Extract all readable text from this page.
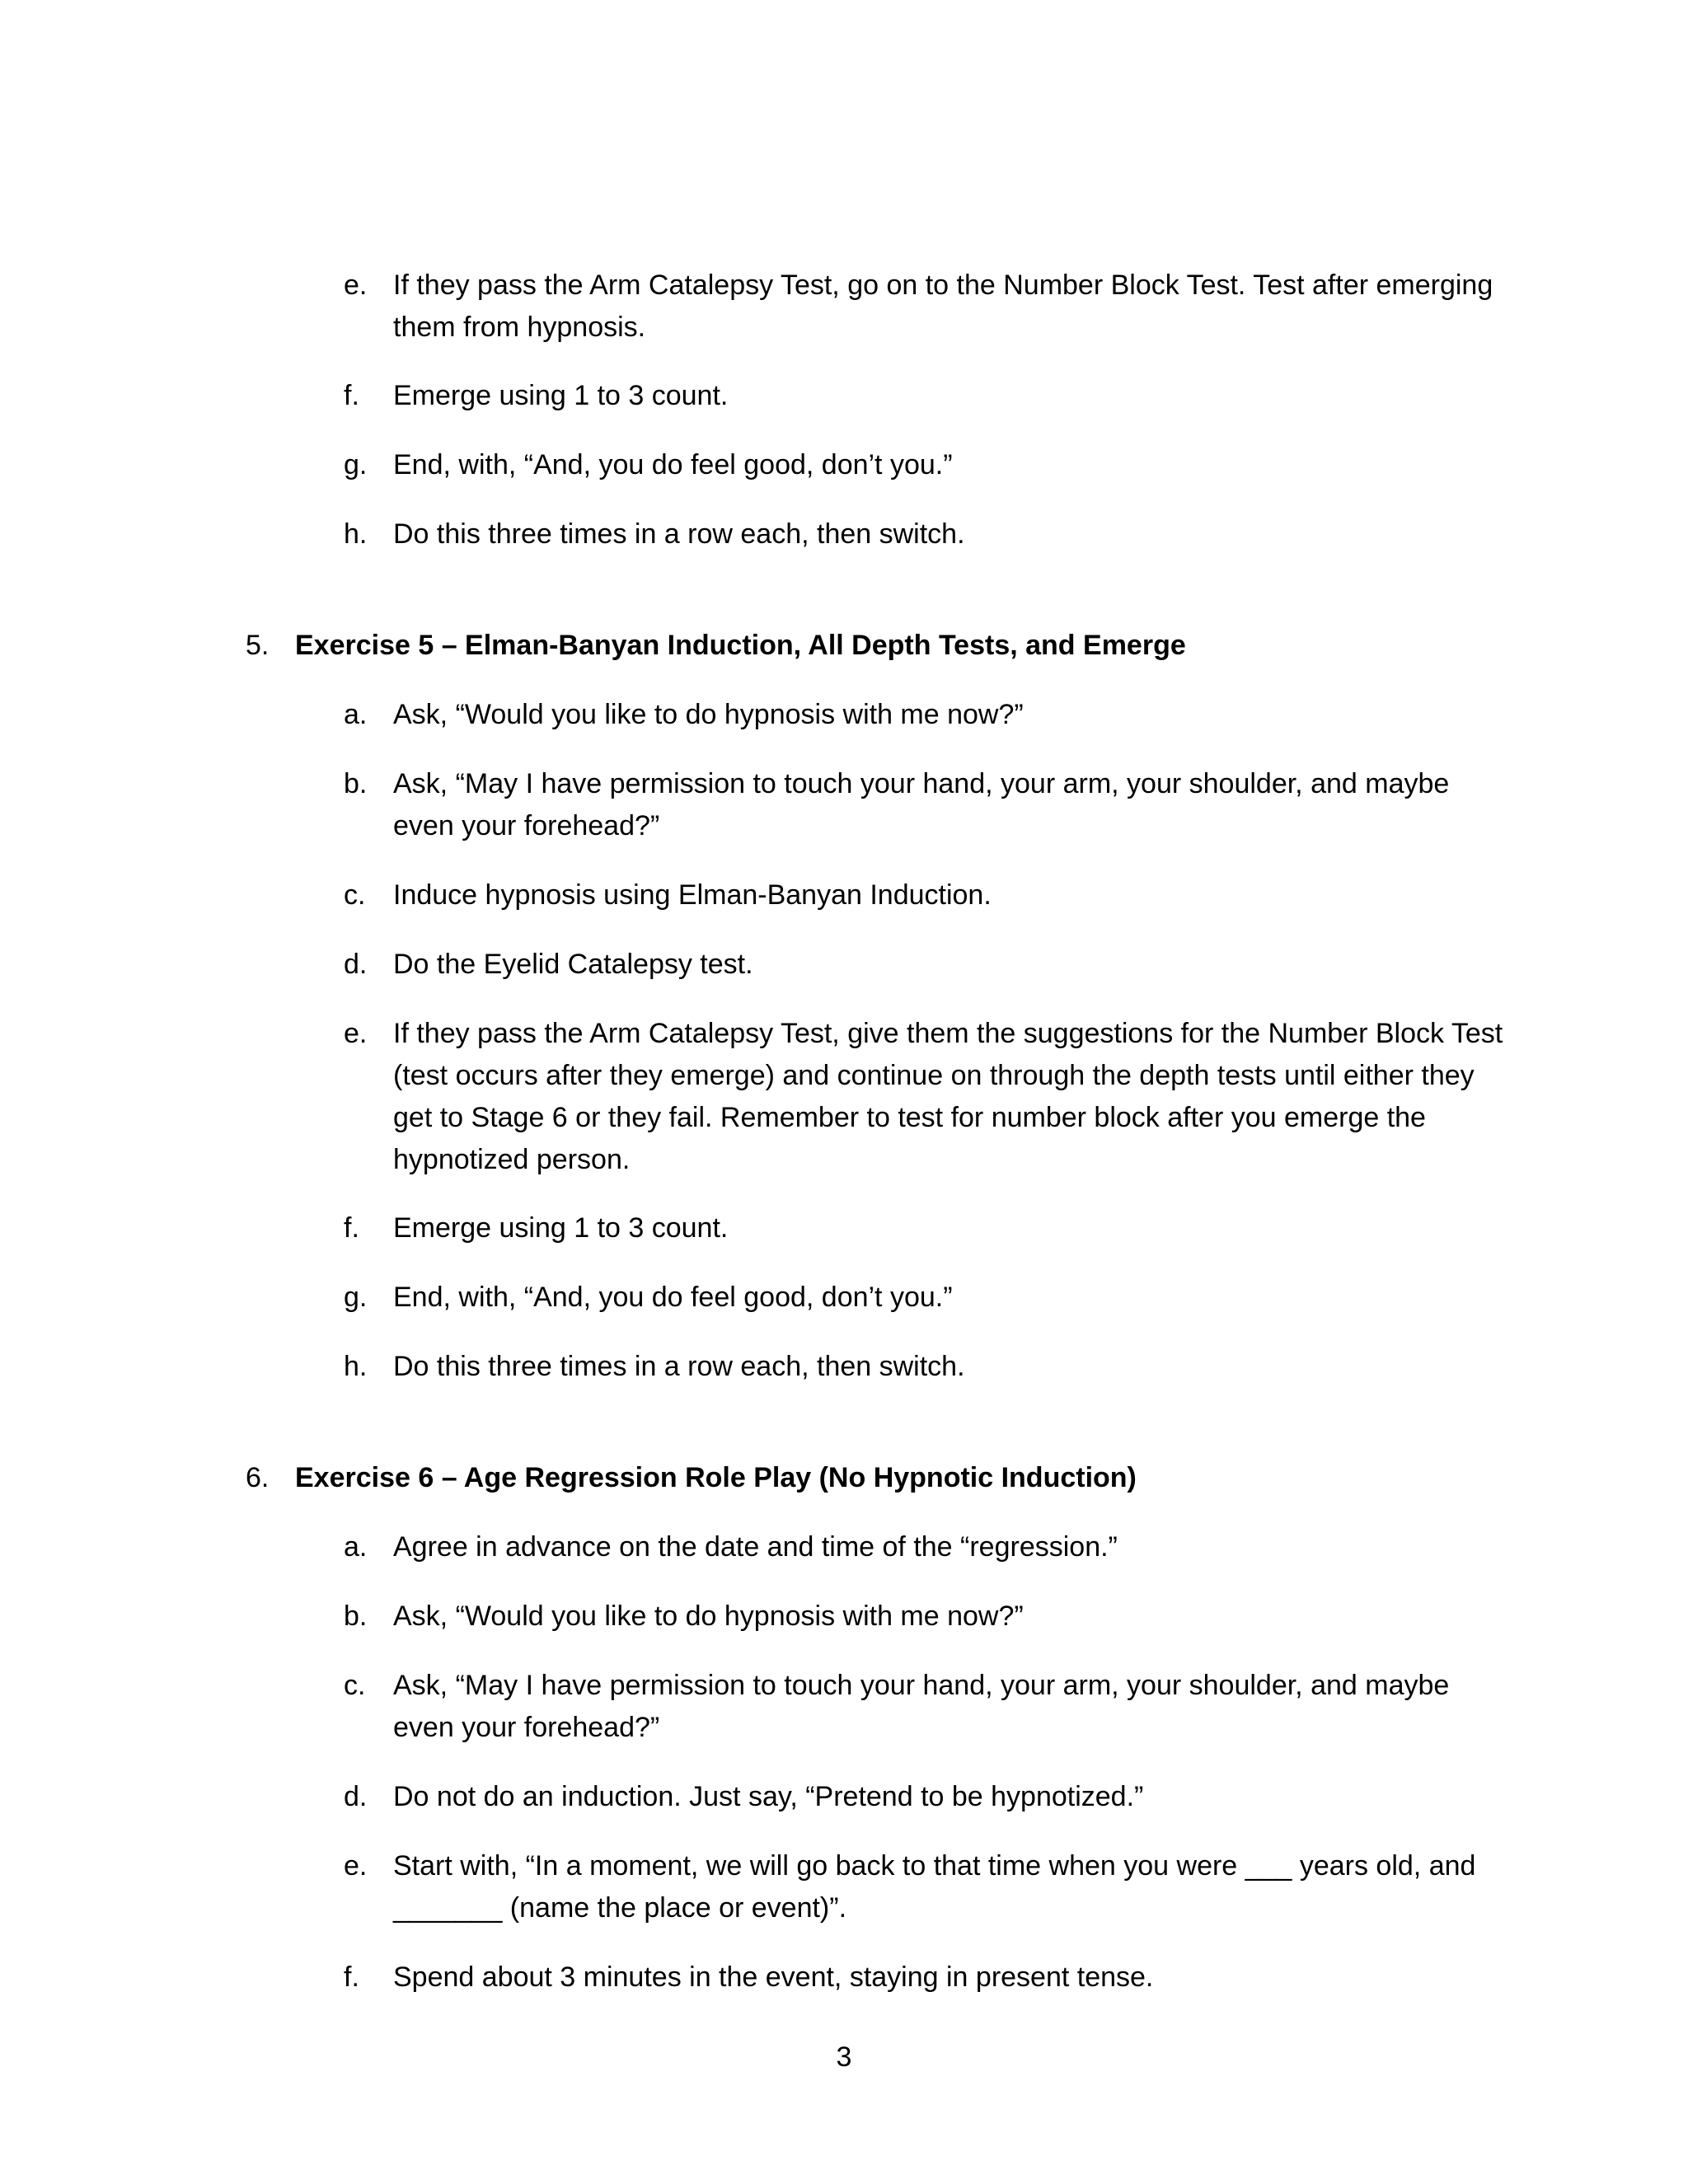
e. If they pass the Arm Catalepsy Test, go on to the Number Block Test. Test after emerging them from hypnosis.
f.	Emerge using 1 to 3 count.
g. End, with, “And, you do feel good, don’t you.”
h. Do this three times in a row each, then switch.
5. Exercise 5 – Elman-Banyan Induction, All Depth Tests, and Emerge
a. Ask, “Would you like to do hypnosis with me now?”
b. Ask, “May I have permission to touch your hand, your arm, your shoulder, and maybe even your forehead?”
c. Induce hypnosis using Elman-Banyan Induction.
d. Do the Eyelid Catalepsy test.
e. If they pass the Arm Catalepsy Test, give them the suggestions for the Number Block Test (test occurs after they emerge) and continue on through the depth tests until either they get to Stage 6 or they fail. Remember to test for number block after you emerge the hypnotized person.
f.	Emerge using 1 to 3 count.
g. End, with, “And, you do feel good, don’t you.”
h. Do this three times in a row each, then switch.
6. Exercise 6 – Age Regression Role Play (No Hypnotic Induction)
a. Agree in advance on the date and time of the “regression.”
b. Ask, “Would you like to do hypnosis with me now?”
c. Ask, “May I have permission to touch your hand, your arm, your shoulder, and maybe even your forehead?”
d. Do not do an induction. Just say, “Pretend to be hypnotized.”
e. Start with, “In a moment, we will go back to that time when you were ___ years old, and _______ (name the place or event)”.
f.	Spend about 3 minutes in the event, staying in present tense.
3
